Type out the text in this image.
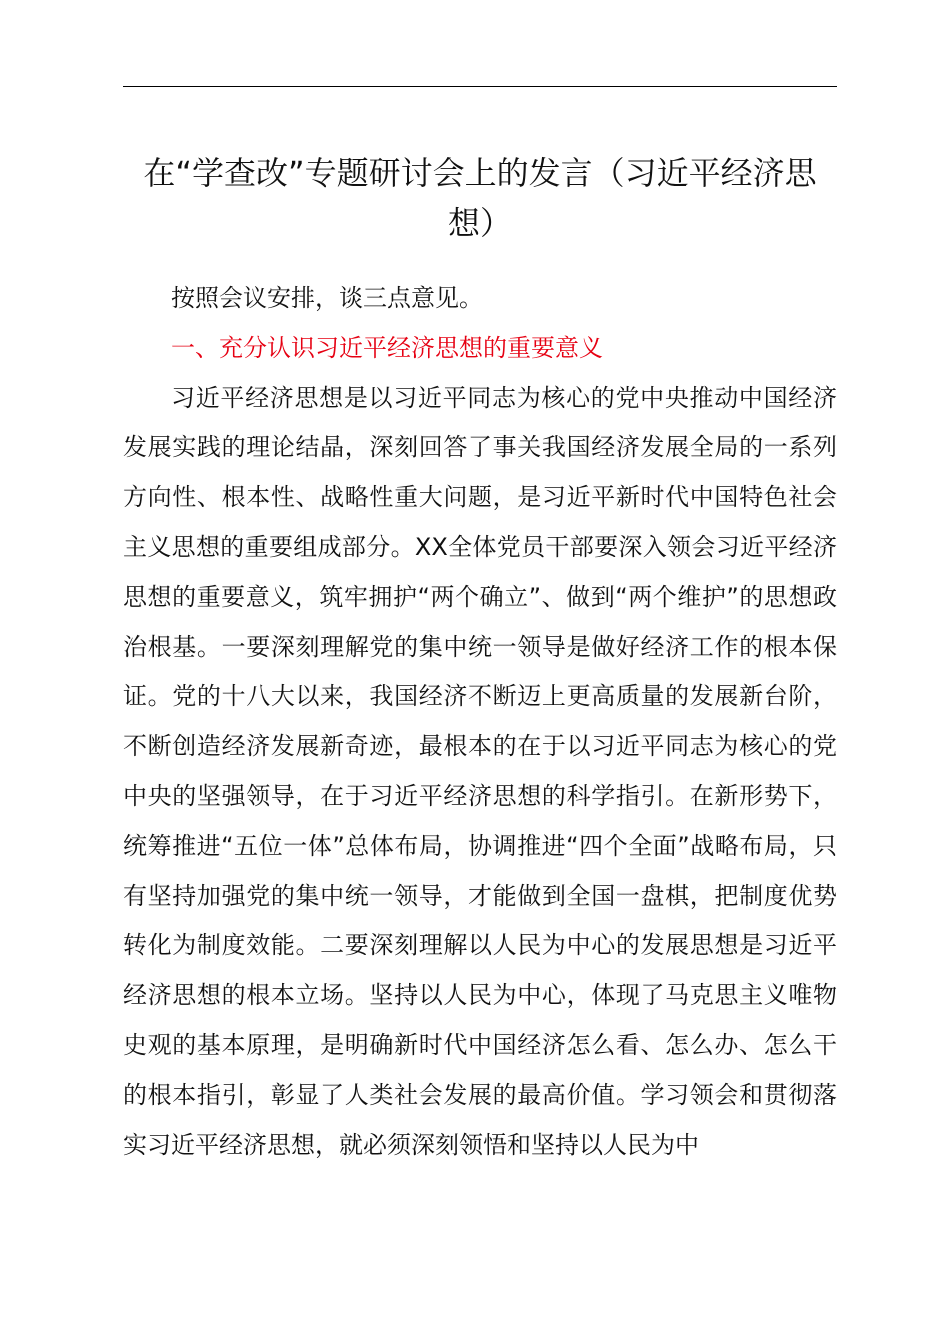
在“学查改”专题研讨会上的发言（习近平经济思想）

按照会议安排，谈三点意见。

一、充分认识习近平经济思想的重要意义

习近平经济思想是以习近平同志为核心的党中央推动中国经济发展实践的理论结晶，深刻回答了事关我国经济发展全局的一系列方向性、根本性、战略性重大问题，是习近平新时代中国特色社会主义思想的重要组成部分。XX全体党员干部要深入领会习近平经济思想的重要意义，筑牢拥护“两个确立”、做到“两个维护”的思想政治根基。一要深刻理解党的集中统一领导是做好经济工作的根本保证。党的十八大以来，我国经济不断迈上更高质量的发展新台阶，不断创造经济发展新奇迹，最根本的在于以习近平同志为核心的党中央的坚强领导，在于习近平经济思想的科学指引。在新形势下，统筹推进“五位一体”总体布局，协调推进“四个全面”战略布局，只有坚持加强党的集中统一领导，才能做到全国一盘棋，把制度优势转化为制度效能。二要深刻理解以人民为中心的发展思想是习近平经济思想的根本立场。坚持以人民为中心，体现了马克思主义唯物史观的基本原理，是明确新时代中国经济怎么看、怎么办、怎么干的根本指引，彰显了人类社会发展的最高价值。学习领会和贯彻落实习近平经济思想，就必须深刻领悟和坚持以人民为中
